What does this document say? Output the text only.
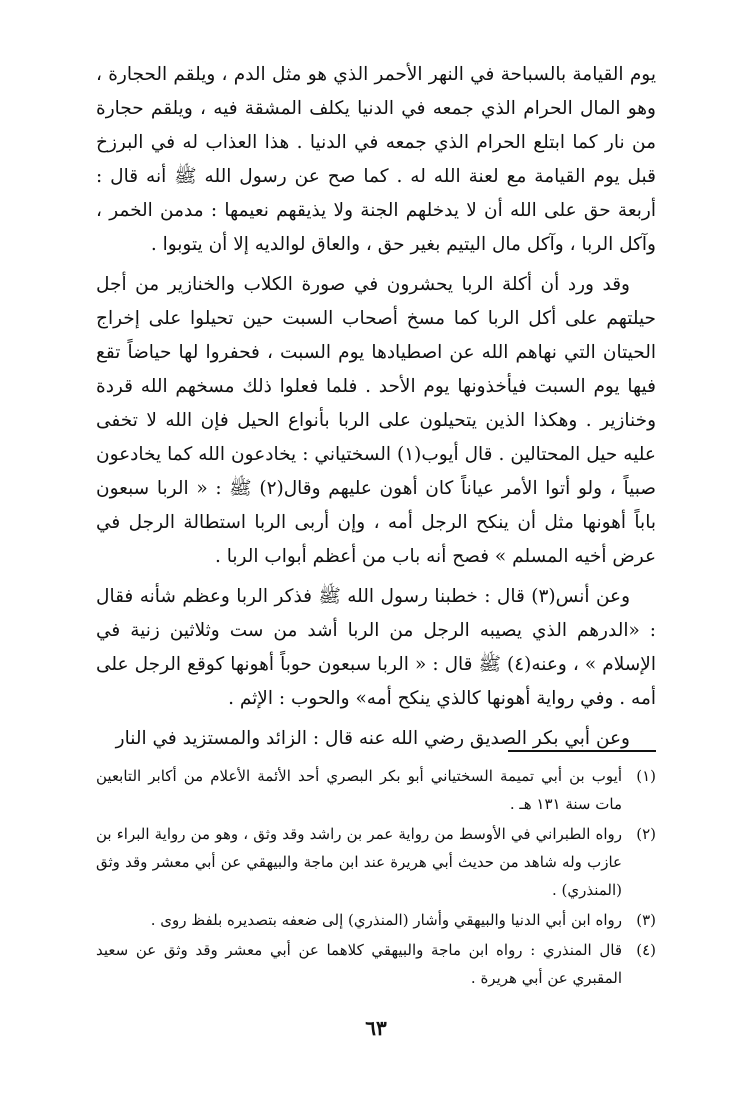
يوم القيامة بالسباحة في النهر الأحمر الذي هو مثل الدم ، ويلقم الحجارة ، وهو المال الحرام الذي جمعه في الدنيا يكلف المشقة فيه ، ويلقم حجارة من نار كما ابتلع الحرام الذي جمعه في الدنيا . هذا العذاب له في البرزخ قبل يوم القيامة مع لعنة الله له . كما صح عن رسول الله ﷺ أنه قال : أربعة حق على الله أن لا يدخلهم الجنة ولا يذيقهم نعيمها : مدمن الخمر ، وآكل الربا ، وآكل مال اليتيم بغير حق ، والعاق لوالديه إلا أن يتوبوا .

وقد ورد أن أكلة الربا يحشرون في صورة الكلاب والخنازير من أجل حيلتهم على أكل الربا كما مسخ أصحاب السبت حين تحيلوا على إخراج الحيتان التي نهاهم الله عن اصطيادها يوم السبت ، فحفروا لها حياضاً تقع فيها يوم السبت فيأخذونها يوم الأحد . فلما فعلوا ذلك مسخهم الله قردة وخنازير . وهكذا الذين يتحيلون على الربا بأنواع الحيل فإن الله لا تخفى عليه حيل المحتالين . قال أيوب(١) السختياني : يخادعون الله كما يخادعون صبياً ، ولو أتوا الأمر عياناً كان أهون عليهم وقال(٢) ﷺ : « الربا سبعون باباً أهونها مثل أن ينكح الرجل أمه ، وإن أربى الربا استطالة الرجل في عرض أخيه المسلم » فصح أنه باب من أعظم أبواب الربا .

وعن أنس(٣) قال : خطبنا رسول الله ﷺ فذكر الربا وعظم شأنه فقال : «الدرهم الذي يصيبه الرجل من الربا أشد من ست وثلاثين زنية في الإسلام » ، وعنه(٤) ﷺ قال : « الربا سبعون حوباً أهونها كوقع الرجل على أمه . وفي رواية أهونها كالذي ينكح أمه» والحوب : الإثم .

وعن أبي بكر الصديق رضي الله عنه قال : الزائد والمستزيد في النار

(١)
أيوب بن أبي تميمة السختياني أبو بكر البصري أحد الأئمة الأعلام من أكابر التابعين مات سنة ١٣١ هـ .
(٢)
رواه الطبراني في الأوسط من رواية عمر بن راشد وقد وثق ، وهو من رواية البراء بن عازب وله شاهد من حديث أبي هريرة عند ابن ماجة والبيهقي عن أبي معشر وقد وثق (المنذري) .
(٣)
رواه ابن أبي الدنيا والبيهقي وأشار (المنذري) إلى ضعفه بتصديره بلفظ روى .
(٤)
قال المنذري : رواه ابن ماجة والبيهقي كلاهما عن أبي معشر وقد وثق عن سعيد المقبري عن أبي هريرة .
٦٣
